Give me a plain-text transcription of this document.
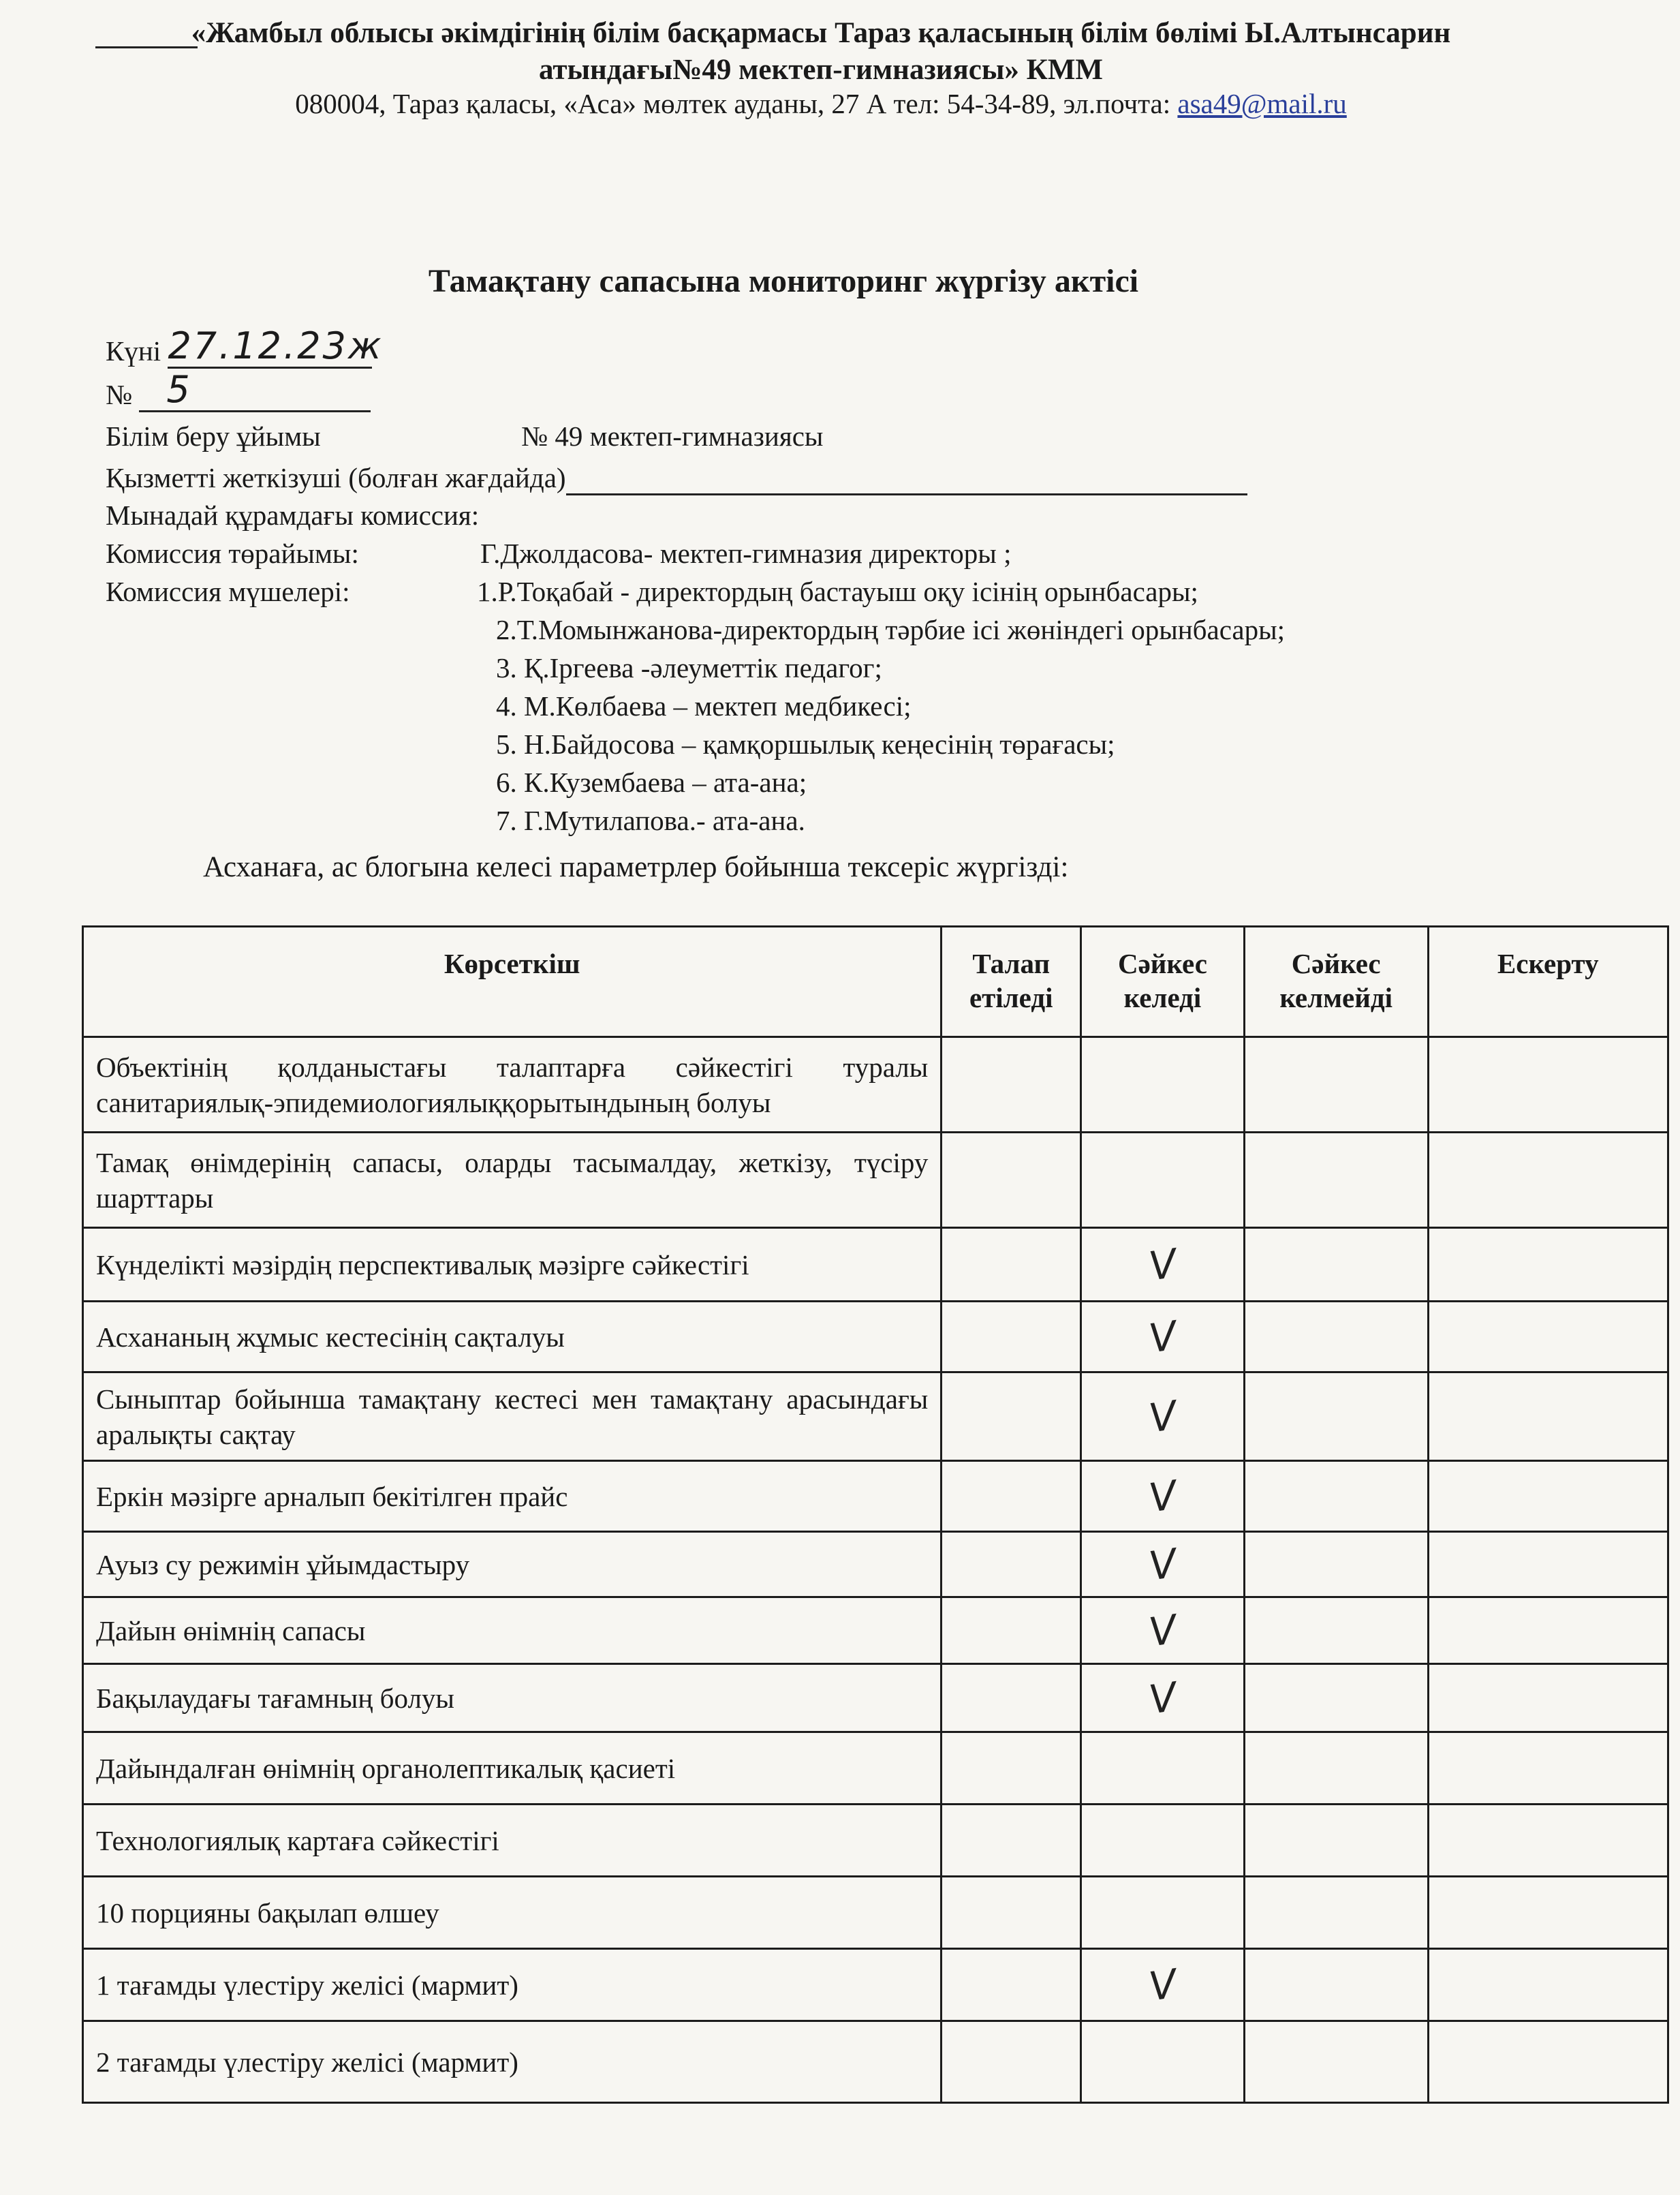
«Жамбыл облысы әкімдігінің білім басқармасы Тараз қаласының білім бөлімі Ы.Алтынсарин
атындағы№49 мектеп-гимназиясы» КММ
080004, Тараз қаласы, «Аса» мөлтек ауданы, 27 А тел: 54-34-89, эл.почта: asa49@mail.ru
Тамақтану сапасына мониторинг жүргізу актісі
Күні 27.12.23ж
№ 5
Білім беру ұйымы	№ 49 мектеп-гимназиясы
Қызметті жеткізуші (болған жағдайда)
Мынадай құрамдағы комиссия:
Комиссия төрайымы:	Г.Джолдасова- мектеп-гимназия директоры ;
Комиссия мүшелері:	1.Р.Тоқабай - директордың бастауыш оқу ісінің орынбасары;
2.Т.Момынжанова-директордың тәрбие ісі жөніндегі орынбасары;
3. Қ.Іргеева -әлеуметтік педагог;
4. М.Көлбаева – мектеп медбикесі;
5. Н.Байдосова – қамқоршылық кеңесінің төрағасы;
6. К.Кузембаева – ата-ана;
7. Г.Мутилапова.- ата-ана.
Асханаға, ас блогына келесі параметрлер бойынша тексеріс жүргізді:
Көрсеткіш	Талап етіледі	Сәйкес келеді	Сәйкес келмейді	Ескерту
Объектінің қолданыстағы талаптарға сәйкестігі туралы санитариялық-эпидемиологиялыққорытындының болуы				
Тамақ өнімдерінің сапасы, оларды тасымалдау, жеткізу, түсіру шарттары				
Күнделікті мәзірдің перспективалық мәзірге сәйкестігі		V		
Асхананың жұмыс кестесінің сақталуы		V		
Сыныптар бойынша тамақтану кестесі мен тамақтану арасындағы аралықты сақтау		V		
Еркін мәзірге арналып бекітілген прайс		V		
Ауыз су режимін ұйымдастыру		V		
Дайын өнімнің сапасы		V		
Бақылаудағы тағамның болуы		V		
Дайындалған өнімнің органолептикалық қасиеті				
Технологиялық картаға сәйкестігі				
10 порцияны бақылап өлшеу				
1 тағамды үлестіру желісі (мармит)		V		
2 тағамды үлестіру желісі (мармит)				
